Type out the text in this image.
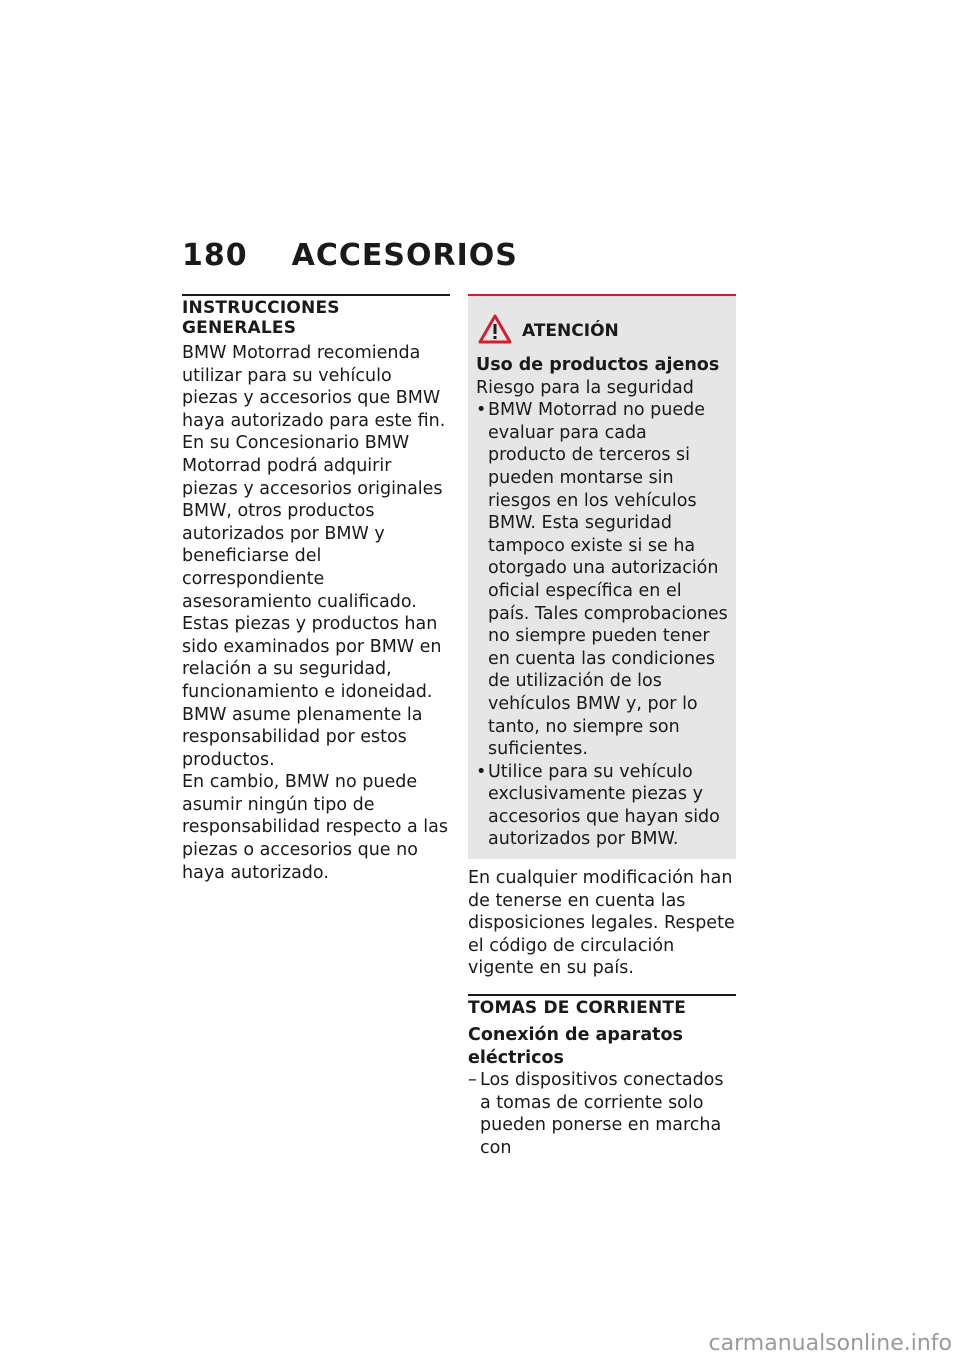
180 ACCESORIOS
INSTRUCCIONES GENERALES

BMW Motorrad recomienda utilizar para su vehículo piezas y accesorios que BMW haya autorizado para este fin.

En su Concesionario BMW Motorrad podrá adquirir piezas y accesorios originales BMW, otros productos autorizados por BMW y beneficiarse del correspondiente asesoramiento cualificado.

Estas piezas y productos han sido examinados por BMW en relación a su seguridad, funcionamiento e idoneidad. BMW asume plenamente la responsabilidad por estos productos.

En cambio, BMW no puede asumir ningún tipo de responsabilidad respecto a las piezas o accesorios que no haya autorizado.

ATENCIÓN
Uso de productos ajenos
Riesgo para la seguridad
• BMW Motorrad no puede evaluar para cada producto de terceros si pueden montarse sin riesgos en los vehículos BMW. Esta seguridad tampoco existe si se ha otorgado una autorización oficial específica en el país. Tales comprobaciones no siempre pueden tener en cuenta las condiciones de utilización de los vehículos BMW y, por lo tanto, no siempre son suficientes.
• Utilice para su vehículo exclusivamente piezas y accesorios que hayan sido autorizados por BMW.
En cualquier modificación han de tenerse en cuenta las disposiciones legales. Respete el código de circulación vigente en su país.
TOMAS DE CORRIENTE
Conexión de aparatos eléctricos
– Los dispositivos conectados a tomas de corriente solo pueden ponerse en marcha con
carmanualsonline.info
